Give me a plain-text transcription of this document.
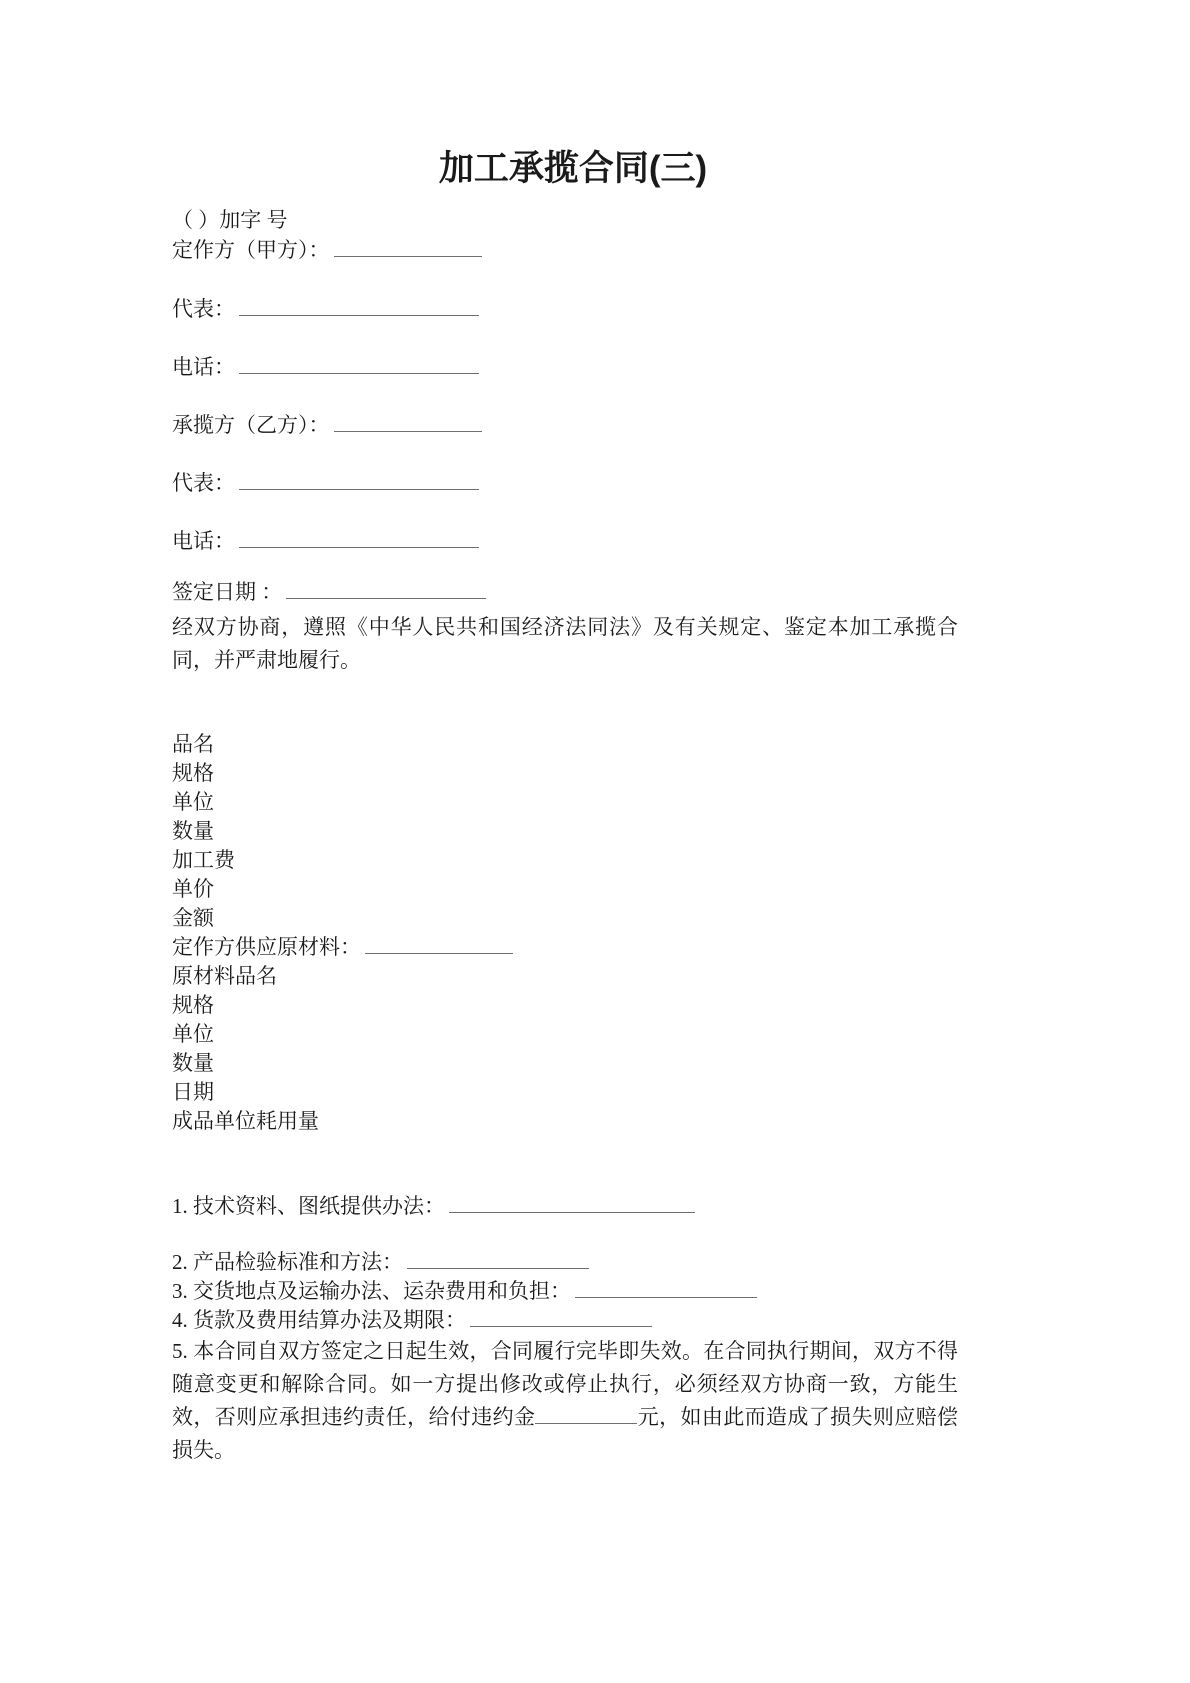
加工承揽合同(三)
（ ）加字 号
定作方（甲方）：
代表：
电话：
承揽方（乙方）：
代表：
电话：
签定日期 ：
经双方协商，遵照《中华人民共和国经济法同法》及有关规定、鉴定本加工承揽合同，并严肃地履行。
品名
规格
单位
数量
加工费
单价
金额
定作方供应原材料：
原材料品名
规格
单位
数量
日期
成品单位耗用量
1. 技术资料、图纸提供办法：
2. 产品检验标准和方法：
3. 交货地点及运输办法、运杂费用和负担：
4. 货款及费用结算办法及期限：
5. 本合同自双方签定之日起生效，合同履行完毕即失效。在合同执行期间，双方不得随意变更和解除合同。如一方提出修改或停止执行，必须经双方协商一致，方能生效，否则应承担违约责任，给付违约金	元，如由此而造成了损失则应赔偿损失。
